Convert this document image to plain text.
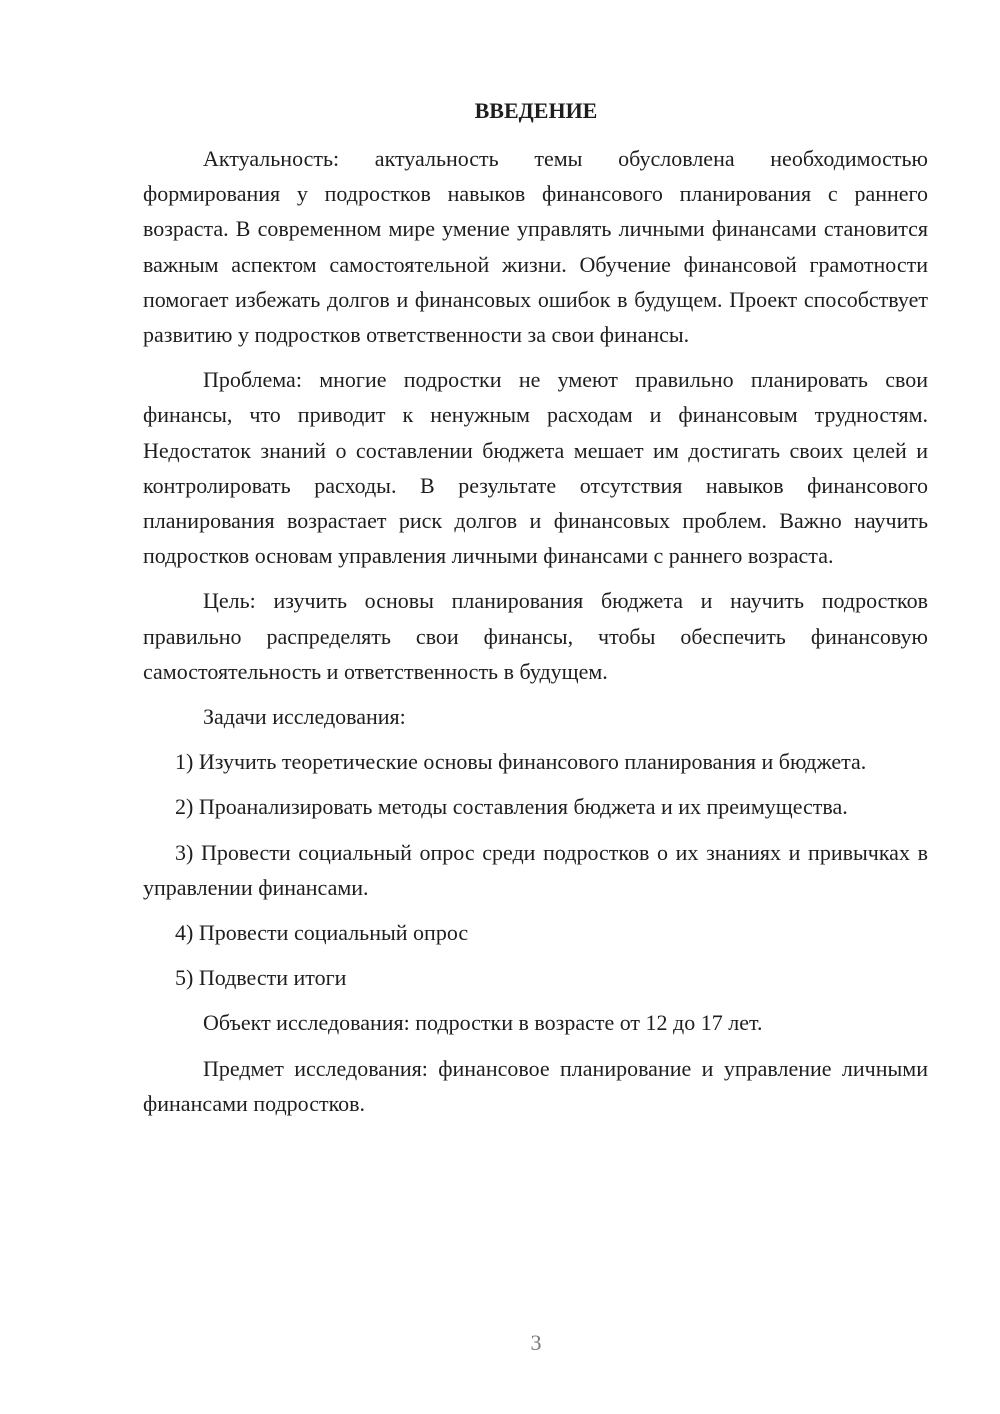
ВВЕДЕНИЕ

Актуальность: актуальность темы обусловлена необходимостью формирования у подростков навыков финансового планирования с раннего возраста. В современном мире умение управлять личными финансами становится важным аспектом самостоятельной жизни. Обучение финансовой грамотности помогает избежать долгов и финансовых ошибок в будущем. Проект способствует развитию у подростков ответственности за свои финансы.

Проблема: многие подростки не умеют правильно планировать свои финансы, что приводит к ненужным расходам и финансовым трудностям. Недостаток знаний о составлении бюджета мешает им достигать своих целей и контролировать расходы. В результате отсутствия навыков финансового планирования возрастает риск долгов и финансовых проблем. Важно научить подростков основам управления личными финансами с раннего возраста.

Цель: изучить основы планирования бюджета и научить подростков правильно распределять свои финансы, чтобы обеспечить финансовую самостоятельность и ответственность в будущем.

Задачи исследования:

1) Изучить теоретические основы финансового планирования и бюджета.

2) Проанализировать методы составления бюджета и их преимущества.

3) Провести социальный опрос среди подростков о их знаниях и привычках в управлении финансами.

4) Провести социальный опрос

5) Подвести итоги

Объект исследования: подростки в возрасте от 12 до 17 лет.

Предмет исследования: финансовое планирование и управление личными финансами подростков.

3
